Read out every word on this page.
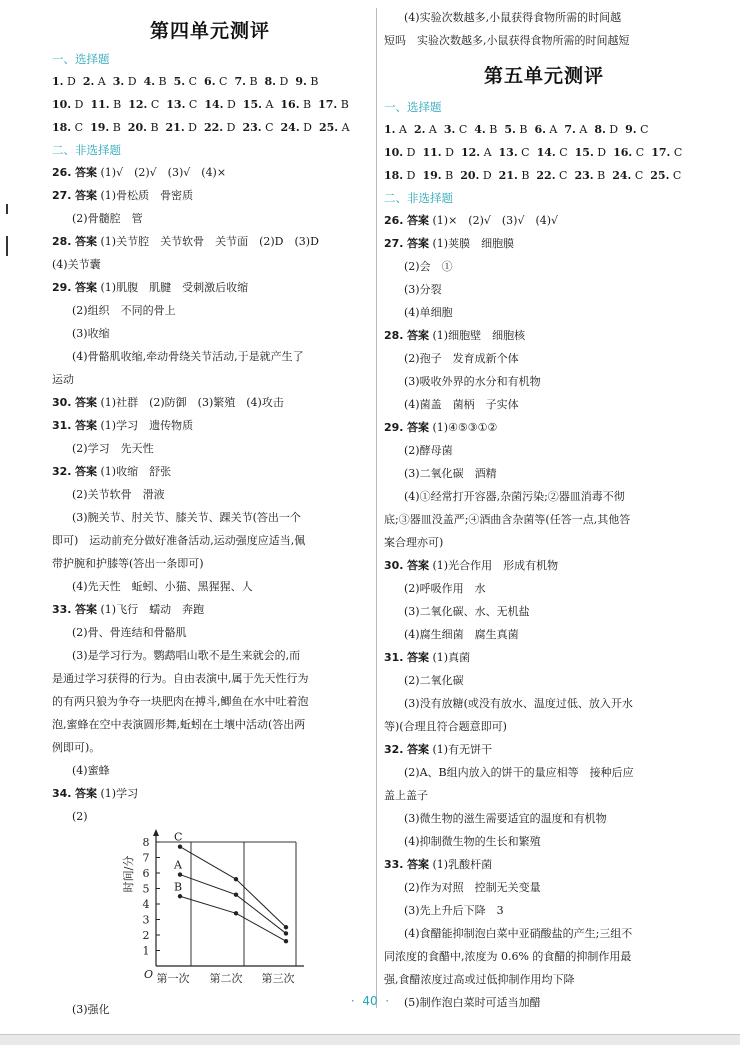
第四单元测评
一、选择题
1. D 2. A 3. D 4. B 5. C 6. C 7. B 8. D 9. B
10. D 11. B 12. C 13. C 14. D 15. A 16. B 17. B
18. C 19. B 20. B 21. D 22. D 23. C 24. D 25. A
二、非选择题
26. 答案 (1)√　(2)√　(3)√　(4)×
27. 答案 (1)骨松质　骨密质
(2)骨髓腔　管
28. 答案 (1)关节腔　关节软骨　关节面　(2)D　(3)D
(4)关节囊
29. 答案 (1)肌腹　肌腱　受刺激后收缩
(2)组织　不同的骨上
(3)收缩
(4)骨骼肌收缩,牵动骨绕关节活动,于是就产生了
运动
30. 答案 (1)社群　(2)防御　(3)繁殖　(4)攻击
31. 答案 (1)学习　遗传物质
(2)学习　先天性
32. 答案 (1)收缩　舒张
(2)关节软骨　滑液
(3)腕关节、肘关节、膝关节、踝关节(答出一个
即可)　运动前充分做好准备活动,运动强度应适当,佩
带护腕和护膝等(答出一条即可)
(4)先天性　蚯蚓、小猫、黑猩猩、人
33. 答案 (1)飞行　蠕动　奔跑
(2)骨、骨连结和骨骼肌
(3)是学习行为。鹦鹉唱山歌不是生来就会的,而
是通过学习获得的行为。自由表演中,属于先天性行为
的有两只狼为争夺一块肥肉在搏斗,鲫鱼在水中吐着泡
泡,蜜蜂在空中表演圆形舞,蚯蚓在土壤中活动(答出两
例即可)。
(4)蜜蜂
34. 答案 (1)学习
(2)
(3)强化
1
2
3
4
5
6
7
8
O
时间/分
第一次 第二次 第三次
C
A
B
(4)实验次数越多,小鼠获得食物所需的时间越
短吗　实验次数越多,小鼠获得食物所需的时间越短
第五单元测评
一、选择题
1. A 2. A 3. C 4. B 5. B 6. A 7. A 8. D 9. C
10. D 11. D 12. A 13. C 14. C 15. D 16. C 17. C
18. D 19. B 20. D 21. B 22. C 23. B 24. C 25. C
二、非选择题
26. 答案 (1)×　(2)√　(3)√　(4)√
27. 答案 (1)荚膜　细胞膜
(2)会　①
(3)分裂
(4)单细胞
28. 答案 (1)细胞壁　细胞核
(2)孢子　发育成新个体
(3)吸收外界的水分和有机物
(4)菌盖　菌柄　子实体
29. 答案 (1)④⑤③①②
(2)酵母菌
(3)二氧化碳　酒精
(4)①经常打开容器,杂菌污染;②器皿消毒不彻
底;③器皿没盖严;④酒曲含杂菌等(任答一点,其他答
案合理亦可)
30. 答案 (1)光合作用　形成有机物
(2)呼吸作用　水
(3)二氧化碳、水、无机盐
(4)腐生细菌　腐生真菌
31. 答案 (1)真菌
(2)二氧化碳
(3)没有放糖(或没有放水、温度过低、放入开水
等)(合理且符合题意即可)
32. 答案 (1)有无饼干
(2)A、B组内放入的饼干的量应相等　接种后应
盖上盖子
(3)微生物的滋生需要适宜的温度和有机物
(4)抑制微生物的生长和繁殖
33. 答案 (1)乳酸杆菌
(2)作为对照　控制无关变量
(3)先上升后下降　3
(4)食醋能抑制泡白菜中亚硝酸盐的产生;三组不
同浓度的食醋中,浓度为 0.6% 的食醋的抑制作用最
强,食醋浓度过高或过低抑制作用均下降
(5)制作泡白菜时可适当加醋
·  40  ·
